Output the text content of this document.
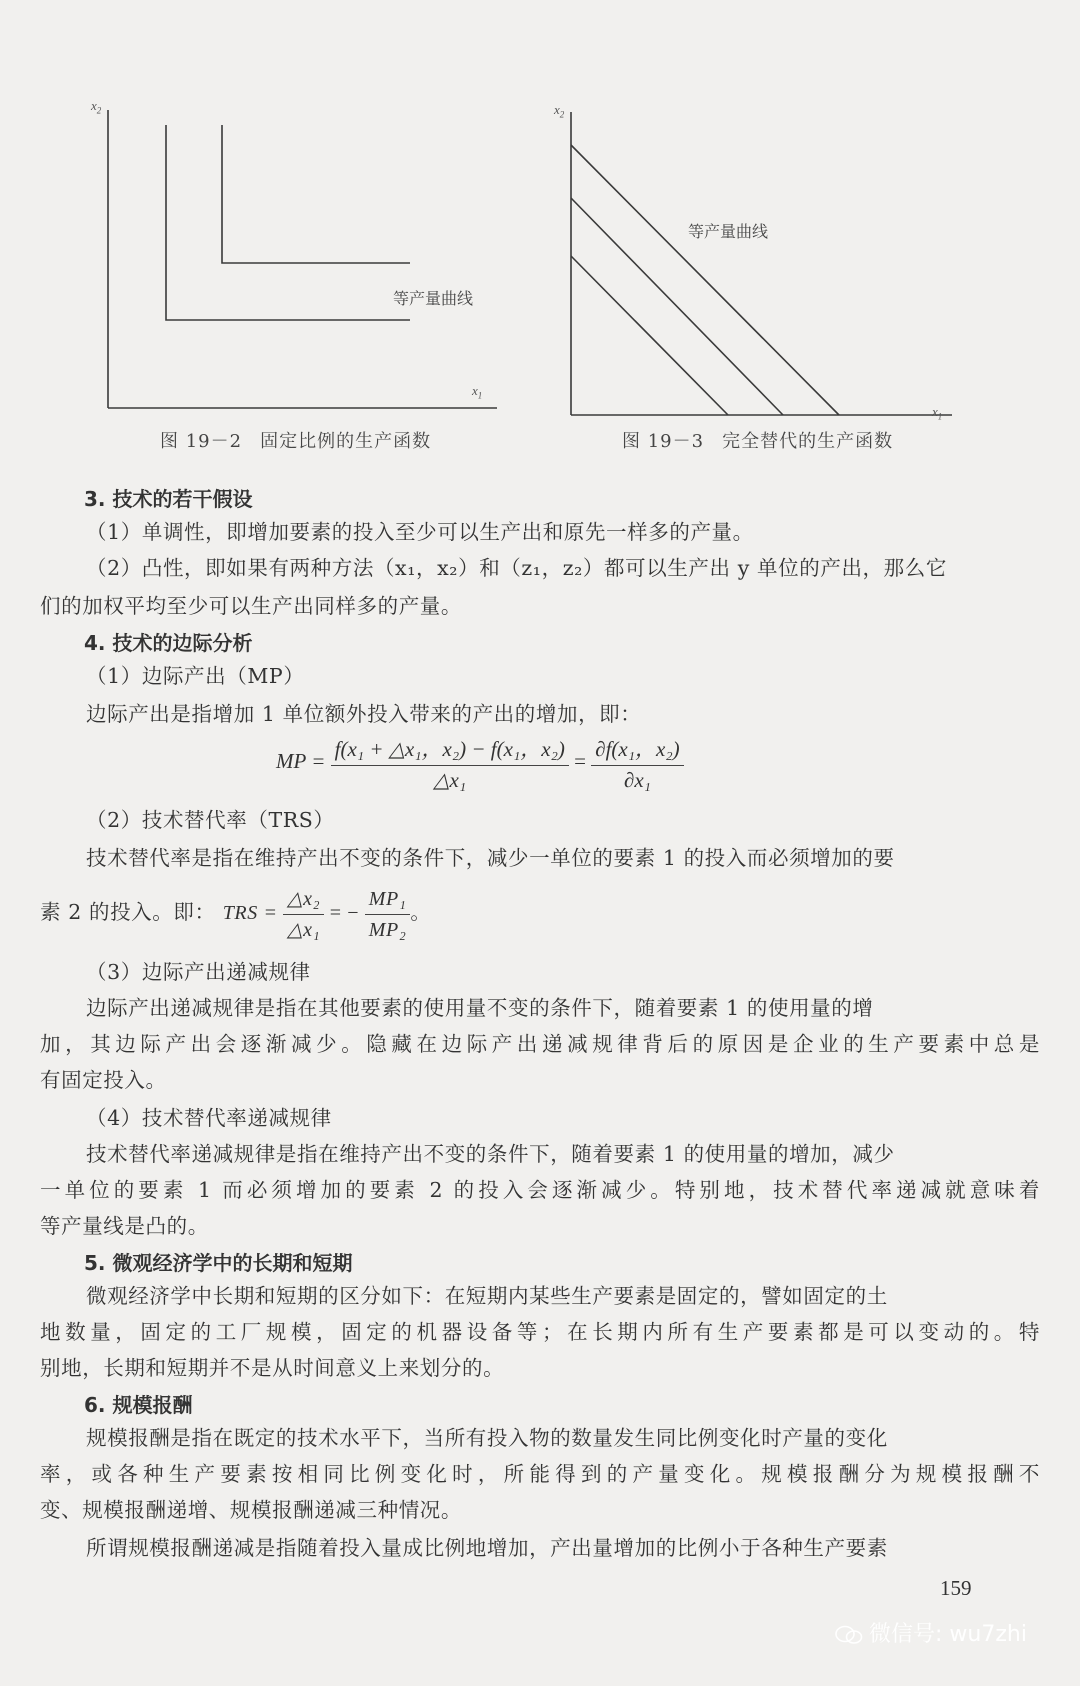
$x_2$
$x_1$
等产量曲线
图 19－2 固定比例的生产函数
$x_2$
$x_1$
等产量曲线
图 19－3 完全替代的生产函数
3. 技术的若干假设
（1）单调性，即增加要素的投入至少可以生产出和原先一样多的产量。
（2）凸性，即如果有两种方法（x₁，x₂）和（z₁，z₂）都可以生产出 y 单位的产出，那么它
们的加权平均至少可以生产出同样多的产量。
4. 技术的边际分析
（1）边际产出（MP）
边际产出是指增加 1 单位额外投入带来的产出的增加，即：
MP = $\frac{\text{f(x₁ + △x₁，x₂) − f(x₁，x₂)}}{\text{△x₁}} = \frac{\text{∂f(x₁，x₂)}}{\text{∂x₁}}$
（2）技术替代率（TRS）
技术替代率是指在维持产出不变的条件下，减少一单位的要素 1 的投入而必须增加的要
素 2 的投入。即： TRS = $\frac{\text{△x₂}}{\text{△x₁}}$ = − $\frac{\text{MP₁}}{\text{MP₂}}$ 。
（3）边际产出递减规律
边际产出递减规律是指在其他要素的使用量不变的条件下，随着要素 1 的使用量的增
加，其边际产出会逐渐减少。隐藏在边际产出递减规律背后的原因是企业的生产要素中总是
有固定投入。
（4）技术替代率递减规律
技术替代率递减规律是指在维持产出不变的条件下，随着要素 1 的使用量的增加，减少
一单位的要素 1 而必须增加的要素 2 的投入会逐渐减少。特别地，技术替代率递减就意味着
等产量线是凸的。
5. 微观经济学中的长期和短期
微观经济学中长期和短期的区分如下：在短期内某些生产要素是固定的，譬如固定的土
地数量，固定的工厂规模，固定的机器设备等；在长期内所有生产要素都是可以变动的。特
别地，长期和短期并不是从时间意义上来划分的。
6. 规模报酬
规模报酬是指在既定的技术水平下，当所有投入物的数量发生同比例变化时产量的变化
率，或各种生产要素按相同比例变化时，所能得到的产量变化。规模报酬分为规模报酬不
变、规模报酬递增、规模报酬递减三种情况。
所谓规模报酬递减是指随着投入量成比例地增加，产出量增加的比例小于各种生产要素
159
微信号: wu7zhi
